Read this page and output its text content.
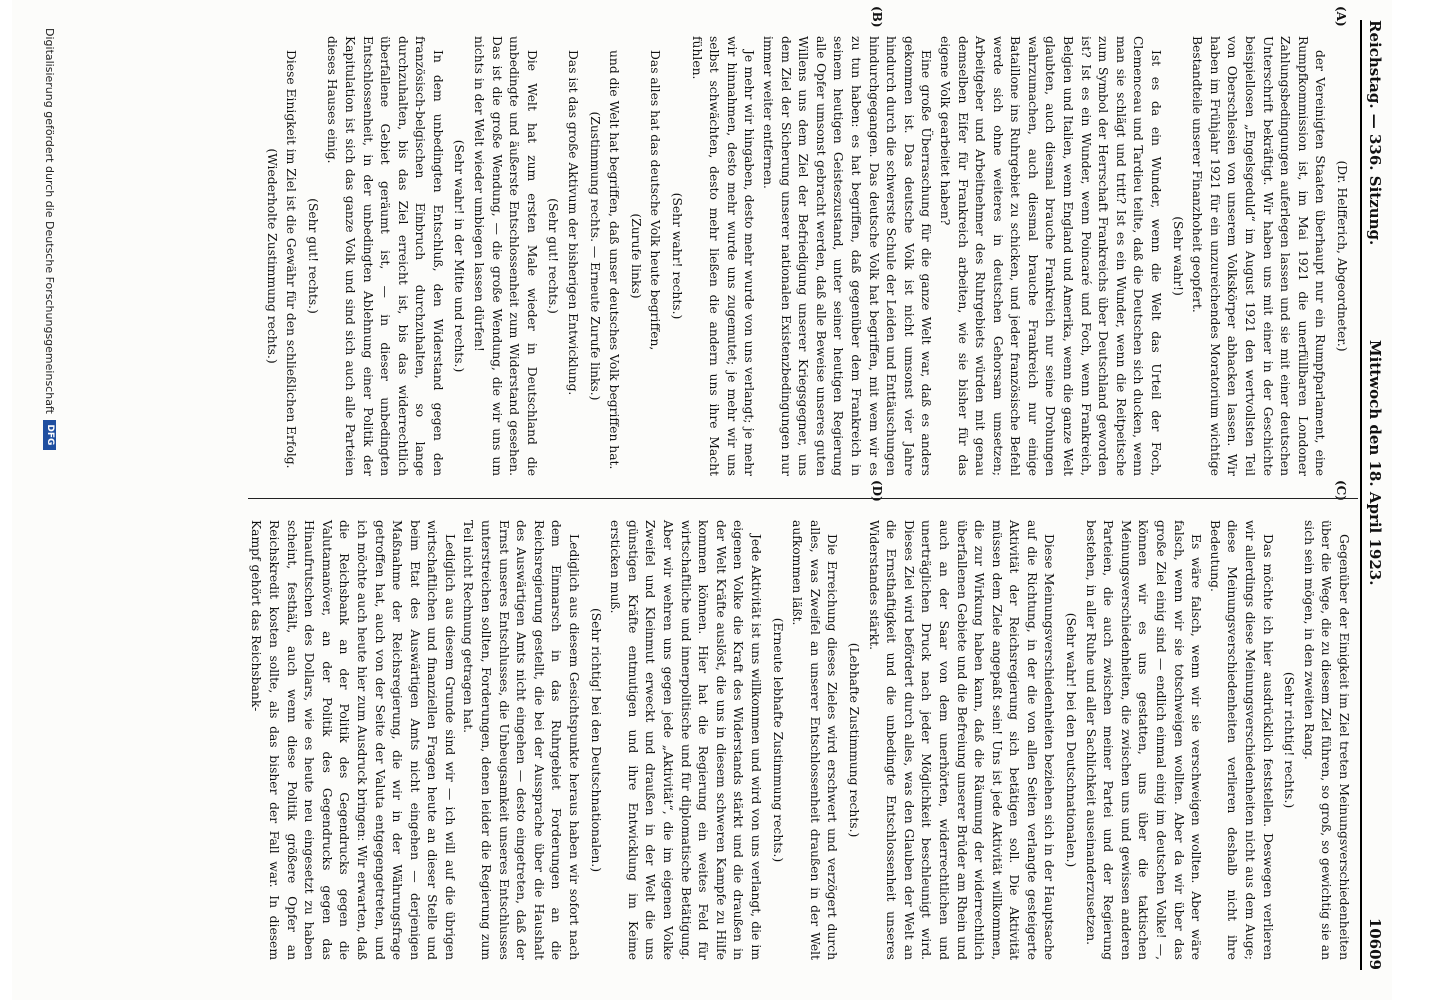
Reichstag. — 336. Sitzung.
Mittwoch den 18. April 1923.
10609
(A)
(B)
(C)
(D)

(Dr. Helfferich, Abgeordneter.)

der Vereinigten Staaten überhaupt nur ein Rumpfparlament, eine Rumpfkommission ist, im Mai 1921 die unerfüllbaren Londoner Zahlungsbedingungen auferlegen lassen und sie mit einer deutschen Unterschrift bekräftigt. Wir haben uns mit einer in der Geschichte beispiellosen „Engelsgeduld“ im August 1921 den wertvollsten Teil von Oberschlesien von unserem Volkskörper abhacken lassen. Wir haben im Frühjahr 1921 für ein unzureichendes Moratorium wichtige Bestandteile unserer Finanzhoheit geopfert.

(Sehr wahr!)

Ist es da ein Wunder, wenn die Welt das Urteil der Foch, Clemenceau und Tardieu teilte, daß die Deutschen sich ducken, wenn man sie schlägt und tritt? Ist es ein Wunder, wenn die Reitpeitsche zum Symbol der Herrschaft Frankreichs über Deutschland geworden ist? Ist es ein Wunder, wenn Poincaré und Foch, wenn Frankreich, Belgien und Italien, wenn England und Amerika, wenn die ganze Welt glaubten, auch diesmal brauche Frankreich nur seine Drohungen wahrzumachen, auch diesmal brauche Frankreich nur einige Bataillone ins Ruhrgebiet zu schicken, und jeder französische Befehl werde sich ohne weiteres in deutschen Gehorsam umsetzen; Arbeitgeber und Arbeitnehmer des Ruhrgebiets würden mit genau demselben Eifer für Frankreich arbeiten, wie sie bisher für das eigene Volk gearbeitet haben?

Eine große Überraschung für die ganze Welt war, daß es anders gekommen ist. Das deutsche Volk ist nicht umsonst vier Jahre hindurch durch die schwerste Schule der Leiden und Enttäuschungen hindurchgegangen. Das deutsche Volk hat begriffen, mit wem wir es zu tun haben: es hat begriffen, daß gegenüber dem Frankreich in seinem heutigen Geisteszustand, unter seiner heutigen Regierung alle Opfer umsonst gebracht werden, daß alle Beweise unseres guten Willens uns dem Ziel der Befriedigung unserer Kriegsgegner, uns dem Ziel der Sicherung unserer nationalen Existenzbedingungen nur immer weiter entfernen.

Je mehr wir hingaben, desto mehr wurde von uns verlangt; je mehr wir hinnahmen, desto mehr wurde uns zugemutet; je mehr wir uns selbst schwächten, desto mehr ließen die andern uns ihre Macht fühlen.

(Sehr wahr! rechts.)

Das alles hat das deutsche Volk heute begriffen,

(Zurufe links)

und die Welt hat begriffen, daß unser deutsches Volk begriffen hat.

(Zustimmung rechts. — Erneute Zurufe links.)

Das ist das große Aktivum der bisherigen Entwicklung.

(Sehr gut! rechts.)

Die Welt hat zum ersten Male wieder in Deutschland die unbedingte und äußerste Entschlossenheit zum Widerstand gesehen. Das ist die große Wendung, — die große Wendung, die wir uns um nichts in der Welt wieder umbiegen lassen dürfen!

(Sehr wahr! in der Mitte und rechts.)

In dem unbedingten Entschluß, den Widerstand gegen den französisch-belgischen Einbruch durchzuhalten, so lange durchzuhalten, bis das Ziel erreicht ist, bis das widerrechtlich überfallene Gebiet geräumt ist, — in dieser unbedingten Entschlossenheit, in der unbedingten Ablehnung einer Politik der Kapitulation ist sich das ganze Volk und sind sich auch alle Parteien dieses Hauses einig.

(Sehr gut! rechts.)

Diese Einigkeit im Ziel ist die Gewähr für den schließlichen Erfolg.

(Wiederholte Zustimmung rechts.)

Gegenüber der Einigkeit im Ziel treten Meinungsverschiedenheiten über die Wege, die zu diesem Ziel führen, so groß, so gewichtig sie an sich sein mögen, in den zweiten Rang.

(Sehr richtig! rechts.)

Das möchte ich hier ausdrücklich feststellen. Deswegen verlieren wir allerdings diese Meinungsverschiedenheiten nicht aus dem Auge; diese Meinungsverschiedenheiten verlieren deshalb nicht ihre Bedeutung.

Es wäre falsch, wenn wir sie verschweigen wollten. Aber wäre falsch, wenn wir sie totschweigen wollten. Aber da wir über das große Ziel einig sind — endlich einmal einig im deutschen Volke! —, können wir es uns gestatten, uns über die taktischen Meinungsverschiedenheiten, die zwischen uns und gewissen anderen Parteien, die auch zwischen meiner Partei und der Regierung bestehen, in aller Ruhe und aller Sachlichkeit auseinanderzusetzen.

(Sehr wahr! bei den Deutschnationalen.)

Diese Meinungsverschiedenheiten beziehen sich in der Hauptsache auf die Richtung, in der die von allen Seiten verlangte gesteigerte Aktivität der Reichsregierung sich betätigen soll. Die Aktivität müssen dem Ziele angepaßt sein! Uns ist jede Aktivität willkommen, die zur Wirkung haben kann, daß die Räumung der widerrechtlich überfallenen Gebiete und die Befreiung unserer Brüder am Rhein und auch an der Saar von dem unerhörten, widerrechtlichen und unerträglichen Druck nach jeder Möglichkeit beschleunigt wird. Dieses Ziel wird befördert durch alles, was den Glauben der Welt an die Ernsthaftigkeit und die unbedingte Entschlossenheit unseres Widerstandes stärkt.

(Lebhafte Zustimmung rechts.)

Die Erreichung dieses Zieles wird erschwert und verzögert durch alles, was Zweifel an unserer Entschlossenheit draußen in der Welt aufkommen läßt.

(Erneute lebhafte Zustimmung rechts.)

Jede Aktivität ist uns willkommen und wird von uns verlangt, die im eigenen Volke die Kraft des Widerstands stärkt und die draußen in der Welt Kräfte auslöst, die uns in diesem schweren Kampfe zu Hilfe kommen können. Hier hat die Regierung ein weites Feld für wirtschaftliche und innerpolitische und für diplomatische Betätigung. Aber wir wehren uns gegen jede „Aktivität“, die im eigenen Volke Zweifel und Kleinmut erweckt und draußen in der Welt die uns günstigen Kräfte entmutigen und ihre Entwicklung im Keime ersticken muß.

(Sehr richtig! bei den Deutschnationalen.)

Lediglich aus diesem Gesichtspunkte heraus haben wir sofort nach dem Einmarsch in das Ruhrgebiet Forderungen an die Reichsregierung gestellt, die bei der Aussprache über die Haushalt des Auswärtigen Amts nicht eingehen — desto eingetreten, daß der Ernst unseres Entschlusses, die Unbeugsamkeit unseres Entschlusses unterstreichen sollten, Forderungen, denen leider die Regierung zum Teil nicht Rechnung getragen hat.

Lediglich aus diesem Grunde sind wir — ich will auf die übrigen wirtschaftlichen und finanziellen Fragen heute an dieser Stelle und beim Etat des Auswärtigen Amts nicht eingehen — derjenigen Maßnahme der Reichsregierung, die wir in der Währungsfrage getroffen hat, auch von der Seite der Valuta entgegengetreten, und ich möchte auch heute hier zum Ausdruck bringen: Wir erwarten, daß die Reichsbank an der Politik des Gegendrucks gegen die Valutamanöver, an der Politik des Gegendrucks gegen das Hinaufrutschen des Dollars, wie es heute neu eingesetzt zu haben scheint, festhält, auch wenn diese Politik größere Opfer an Reichskredit kosten sollte, als das bisher der Fall war. In diesem Kampf gehört das Reichsbank-

Digitalisierung gefördert durch die Deutsche Forschungsgemeinschaft
DFG
